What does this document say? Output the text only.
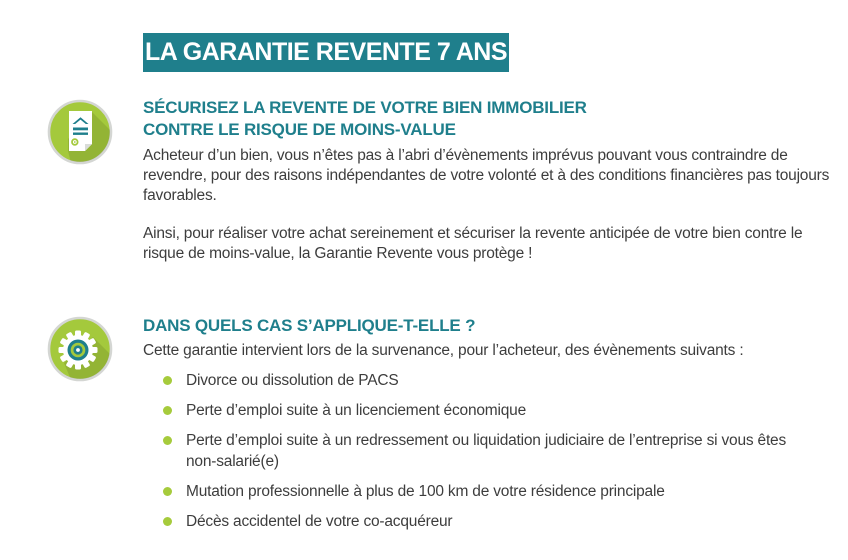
LA GARANTIE REVENTE 7 ANS
SÉCURISEZ LA REVENTE DE VOTRE BIEN IMMOBILIER
CONTRE LE RISQUE DE MOINS-VALUE

Acheteur d’un bien, vous n’êtes pas à l’abri d’évènements imprévus pouvant vous contraindre de revendre, pour des raisons indépendantes de votre volonté et à des conditions financières pas toujours favorables.

Ainsi, pour réaliser votre achat sereinement et sécuriser la revente anticipée de votre bien contre le risque de moins-value, la Garantie Revente vous protège !

DANS QUELS CAS S’APPLIQUE-T-ELLE ?

Cette garantie intervient lors de la survenance, pour l’acheteur, des évènements suivants :

Divorce ou dissolution de PACS
Perte d’emploi suite à un licenciement économique
Perte d’emploi suite à un redressement ou liquidation judiciaire de l’entreprise si vous êtes non-salarié(e)
Mutation professionnelle à plus de 100 km de votre résidence principale
Décès accidentel de votre co-acquéreur
